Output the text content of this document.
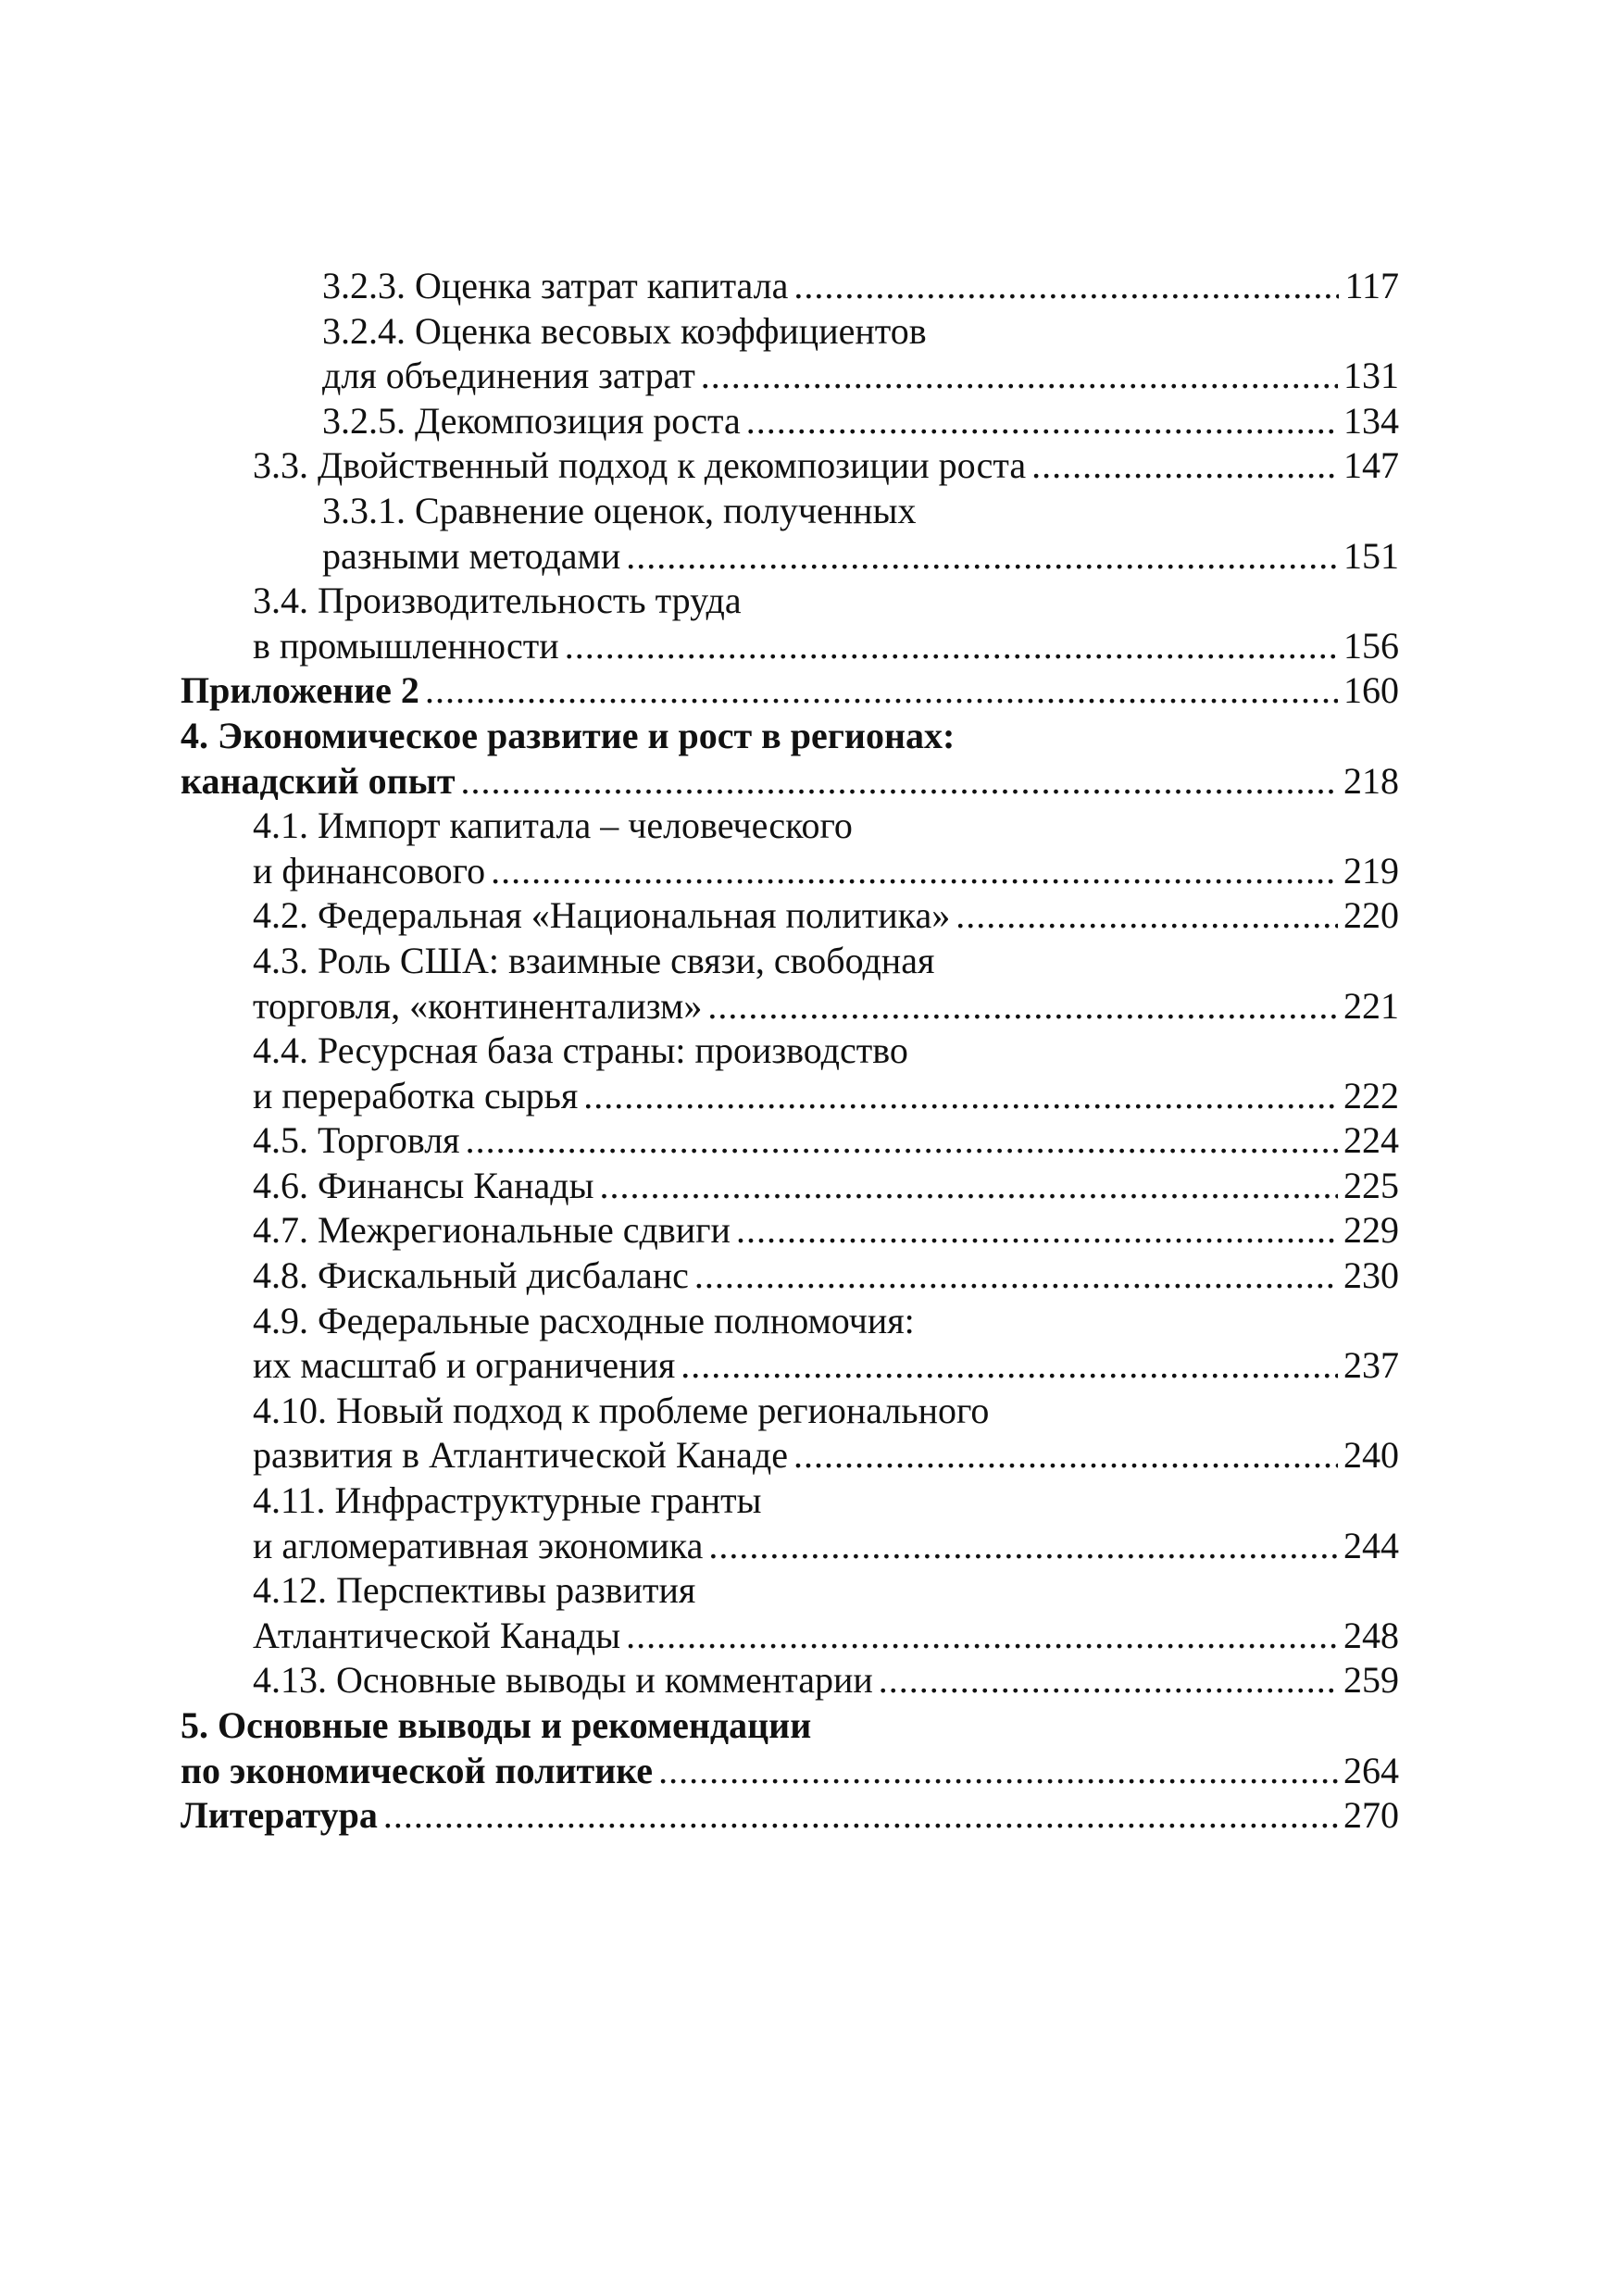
3.2.3. Оценка затрат капитала .....	117
3.2.4. Оценка весовых коэффициентов
для объединения затрат .....	131
3.2.5. Декомпозиция роста .....	134
3.3. Двойственный подход к декомпозиции роста .....	147
3.3.1. Сравнение оценок, полученных
разными методами .....	151
3.4. Производительность труда
в промышленности .....	156
Приложение 2 .....	160
4. Экономическое развитие и рост в регионах:
канадский опыт .....	218
4.1. Импорт капитала – человеческого
и финансового .....	219
4.2. Федеральная «Национальная политика» .....	220
4.3. Роль США: взаимные связи, свободная
торговля, «континентализм» .....	221
4.4. Ресурсная база страны: производство
и переработка сырья .....	222
4.5. Торговля .....	224
4.6. Финансы Канады .....	225
4.7. Межрегиональные сдвиги .....	229
4.8. Фискальный дисбаланс .....	230
4.9. Федеральные расходные полномочия:
их масштаб и ограничения .....	237
4.10. Новый подход к проблеме регионального
развития в Атлантической Канаде .....	240
4.11. Инфраструктурные гранты
и агломеративная экономика .....	244
4.12. Перспективы развития
Атлантической Канады .....	248
4.13. Основные выводы и комментарии .....	259
5. Основные выводы и рекомендации
по экономической политике .....	264
Литература .....	270
